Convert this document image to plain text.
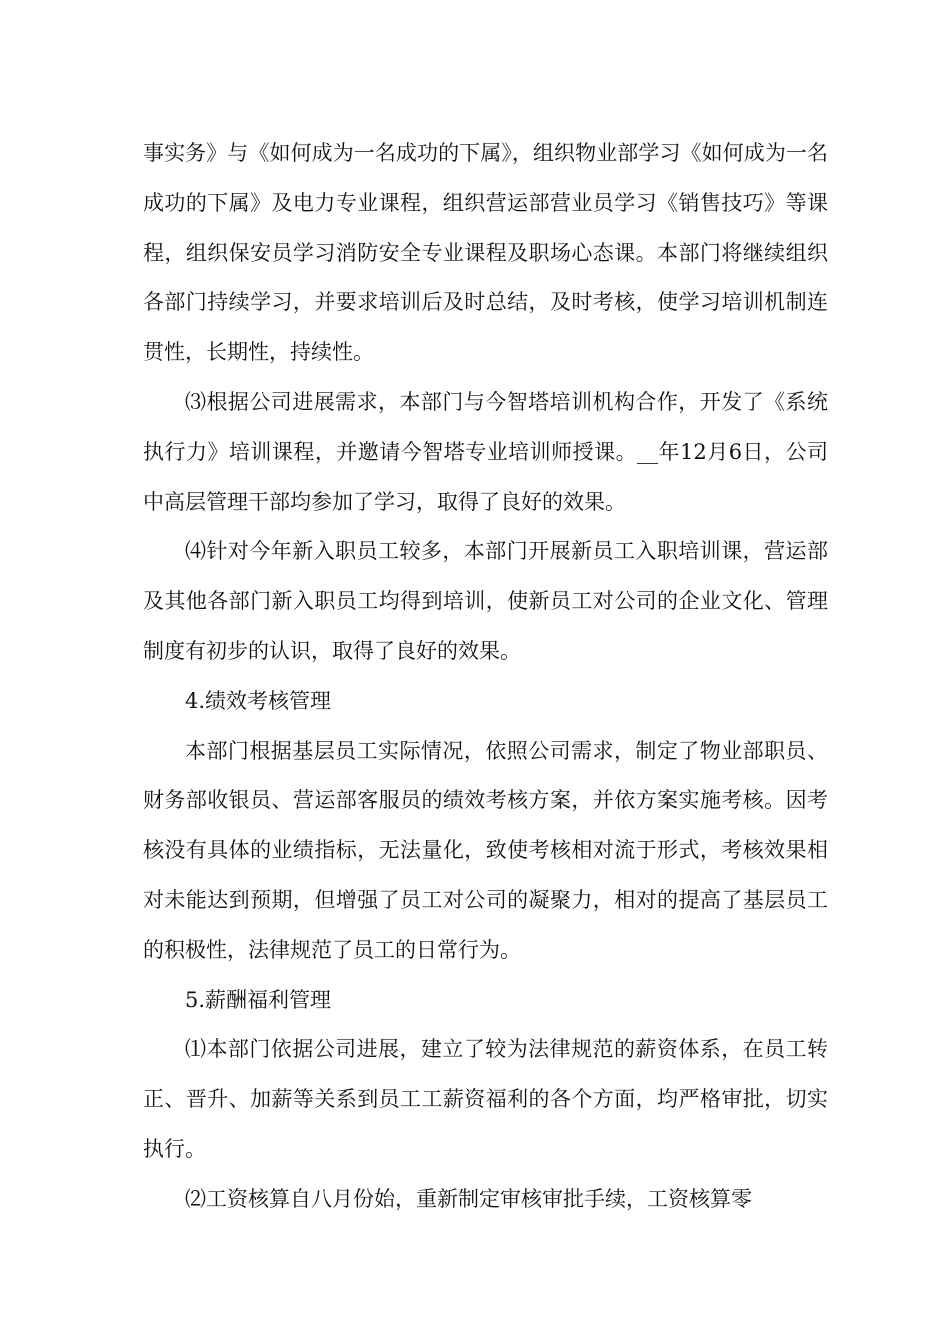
事实务》与《如何成为一名成功的下属》，组织物业部学习《如何成为一名成功的下属》及电力专业课程，组织营运部营业员学习《销售技巧》等课程，组织保安员学习消防安全专业课程及职场心态课。本部门将继续组织各部门持续学习，并要求培训后及时总结，及时考核，使学习培训机制连贯性，长期性，持续性。

⑶根据公司进展需求，本部门与今智塔培训机构合作，开发了《系统执行力》培训课程，并邀请今智塔专业培训师授课。__年12月6日，公司中高层管理干部均参加了学习，取得了良好的效果。

⑷针对今年新入职员工较多，本部门开展新员工入职培训课，营运部及其他各部门新入职员工均得到培训，使新员工对公司的企业文化、管理制度有初步的认识，取得了良好的效果。

4.绩效考核管理

本部门根据基层员工实际情况，依照公司需求，制定了物业部职员、财务部收银员、营运部客服员的绩效考核方案，并依方案实施考核。因考核没有具体的业绩指标，无法量化，致使考核相对流于形式，考核效果相对未能达到预期，但增强了员工对公司的凝聚力，相对的提高了基层员工的积极性，法律规范了员工的日常行为。

5.薪酬福利管理

⑴本部门依据公司进展，建立了较为法律规范的薪资体系，在员工转正、晋升、加薪等关系到员工工薪资福利的各个方面，均严格审批，切实执行。

⑵工资核算自八月份始，重新制定审核审批手续，工资核算零
